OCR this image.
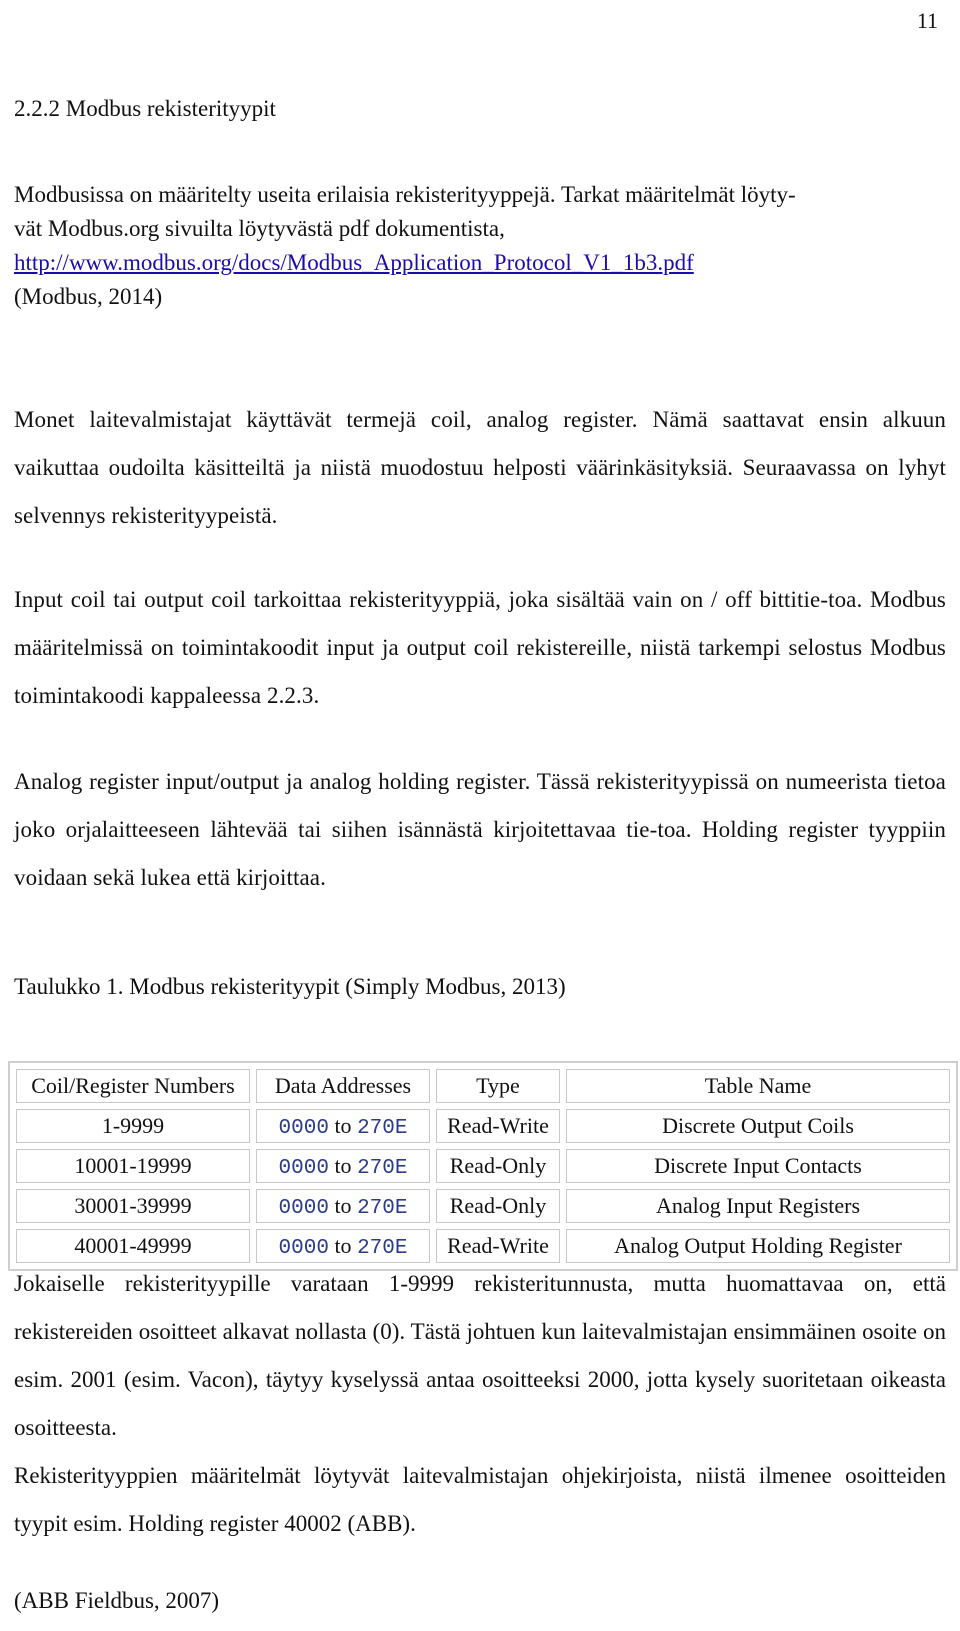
11

2.2.2 Modbus rekisterityypit

Modbusissa on määritelty useita erilaisia rekisterityyppejä. Tarkat määritelmät löyty-
vät Modbus.org sivuilta löytyvästä pdf dokumentista,
http://www.modbus.org/docs/Modbus_Application_Protocol_V1_1b3.pdf
(Modbus, 2014)

Monet laitevalmistajat käyttävät termejä coil, analog register. Nämä saattavat ensin alkuun vaikuttaa oudoilta käsitteiltä ja niistä muodostuu helposti väärinkäsityksiä. Seuraavassa on lyhyt selvennys rekisterityypeistä.

Input coil tai output coil tarkoittaa rekisterityyppiä, joka sisältää vain on / off bittitie-toa. Modbus määritelmissä on toimintakoodit input ja output coil rekistereille, niistä tarkempi selostus Modbus toimintakoodi kappaleessa 2.2.3.

Analog register input/output ja analog holding register. Tässä rekisterityypissä on numeerista tietoa joko orjalaitteeseen lähtevää tai siihen isännästä kirjoitettavaa tie-toa. Holding register tyyppiin voidaan sekä lukea että kirjoittaa.

Taulukko 1. Modbus rekisterityypit (Simply Modbus, 2013)

Coil/Register Numbers	Data Addresses	Type	Table Name
1-9999	0000 to 270E	Read-Write	Discrete Output Coils
10001-19999	0000 to 270E	Read-Only	Discrete Input Contacts
30001-39999	0000 to 270E	Read-Only	Analog Input Registers
40001-49999	0000 to 270E	Read-Write	Analog Output Holding Register

Jokaiselle rekisterityypille varataan 1-9999 rekisteritunnusta, mutta huomattavaa on, että rekistereiden osoitteet alkavat nollasta (0). Tästä johtuen kun laitevalmistajan ensimmäinen osoite on esim. 2001 (esim. Vacon), täytyy kyselyssä antaa osoitteeksi 2000, jotta kysely suoritetaan oikeasta osoitteesta.

Rekisterityyppien määritelmät löytyvät laitevalmistajan ohjekirjoista, niistä ilmenee osoitteiden tyypit esim. Holding register 40002 (ABB).

(ABB Fieldbus, 2007)
